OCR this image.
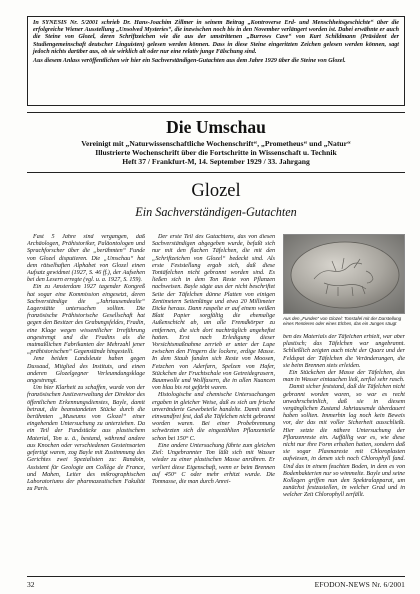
In SYNESIS Nr. 5/2001 schrieb Dr. Hans-Joachim Zillmer in seinem Beitrag „Kontroverse Erd- und Menschheitsgeschichte“ über die erfolgreiche Wiener Ausstellung „Unsolved Mysteries“, die inzwischen noch bis in den November verlängert worden ist. Dabei erwähnte er auch die Steine von Glozel, deren Schriftzeichen wie die aus der umstrittenen „Burrows Cave“ von Kurt Schildmann (Präsident der Studiengemeinschaft deutscher Linguisten) gelesen werden können. Dass in diese Steine eingeritzten Zeichen gelesen werden können, sagt jedoch nichts darüber aus, ob sie wirklich alt oder nur eine relativ junge Fälschung sind.

Aus diesem Anlass veröffentlichen wir hier ein Sachverständigen-Gutachten aus dem Jahre 1929 über die Steine von Glozel.

Die Umschau
Vereinigt mit „Naturwissenschaftliche Wochenschrift“, „Prometheus“ und „Natur“
Illustrierte Wochenschrift über die Fortschritte in Wissenschaft u. Technik
Heft 37 / Frankfurt-M, 14. September 1929 / 33. Jahrgang
Glozel
Ein Sachverständigen-Gutachten

Fast 5 Jahre sind vergangen, daß Archäologen, Prähistoriker, Paläontologen und Sprachforscher über die „berühmten“ Funde von Glozel disputieren. Die „Umschau“ hat dem rätselhaften Alphabet von Glozel einen Aufsatz gewidmet (1927, S. 46 ff.), der Aufsehen bei den Lesern erregte (vgl. u. a. 1927, S. 159).

Ein zu Amsterdam 1927 tagender Kongreß hat sogar eine Kommission eingesetzt, deren Sachverständige die „Jahrtausendealte“ Lagerstätte untersuchen sollten. Die französische Prähistorische Gesellschaft hat gegen den Besitzer des Grabungsfeldes, Fradin, eine Klage wegen wissentlicher Irreführung angestrengt und die Fradins als die mutmaßlichen Fabrikanten der Mehrzahl jener „prähistorischen“ Gegenstände hingestellt.

Jene beiden Landsleute haben gegen Dussaud, Mitglied des Instituts, und einen anderen Glozelgegner Verleumdungsklage angestrengt.

Um hier Klarheit zu schaffen, wurde von der französischen Justizverwaltung der Direktor des öffentlichen Erkennungsdienstes, Bayle, damit betraut, die beanstandeten Stücke durch die berühmten „Museums von Glozel“ einer eingehenden Untersuchung zu unterziehen. Da ein Teil der Fundstücke aus plastischem Material, Ton u. ä., bestand, während andere aus Knochen oder verschiedenen Gesteinsarten gefertigt waren, zog Bayle mit Zustimmung des Gerichtes zwei Spezialisten zu: Randoin, Assistent für Geologie am Collège de France, und Mahen, Leiter des mikrographischen Laboratoriums der pharmazeutischen Fakultät zu Paris.

Der erste Teil des Gutachtens, das von diesen Sachverständigen abgegeben wurde, befaßt sich nur mit den flachen Täfelchen, die mit den „Schriftzeichen von Glozel“ bedeckt sind. Als erste Feststellung ergab sich, daß diese Tontäfelchen nicht gebrannt worden sind. Es ließen sich in dem Ton Reste von Pflanzen nachweisen. Bayle sägte aus der nicht beschriftet Seite der Täfelchen dünne Platten von einigen Zentimetern Seitenlänge und etwa 20 Millimeter Dicke heraus. Dann raspelte er auf einem weißen Blatt Papier sorgfältig die ehemalige Außenschicht ab, um alle Fremdkörper zu entfernen, die sich dort nachträglich angeheftet hatten. Erst nach Erledigung dieser Vorsichtsmaßnahme zerrieb er unter der Lupe zwischen den Fingern die lockere, erdige Masse. In dem Staub fanden sich Reste von Moosen, Fetzchen von Aderfarn, Spelzen von Hafer, Stückchen der Fruchtschale von Getreidegrasern, Baumwolle und Wollfasern, die in allen Nuancen von blau bis rot gefärbt waren.

Histologische und chemische Untersuchungen ergaben in gleicher Weise, daß es sich um frische unveränderte Gewebeteile handelte. Damit stand einwandfrei fest, daß die Täfelchen nicht gebrannt worden waren. Bei einer Probebrennung schwärzten sich die eingezählten Pflanzenteile schon bei 150° C.

Eine andere Untersuchung führte zum gleichen Ziel: Ungebrannter Ton läßt sich mit Wasser wieder zu einer plastischen Masse anrühren. Er verliert diese Eigenschaft, wenn er beim Brennen auf 450° C oder mehr erhitzt wurde. Die Tonmasse, die man durch Anrei-

Aus den „Funden“ von Glozel: Tonstafel mit der Darstellung eines Rentieres oder eines Elches, das ein Junges säugt

ben des Materials der Täfelchen erhielt, war aber plastisch; das Täfelchen war ungebrannt. Schließlich zeigten auch nicht der Quarz und der Feldspat der Täfelchen die Veränderungen, die sie beim Brennen stets erleiden.

Ein Stückchen der Masse der Täfelchen, das man in Wasser eintauchen ließ, zerfiel sehr rasch.

Damit sicher feststand, daß die Täfelchen nicht gebrannt worden waren, so war es recht unwahrscheinlich, daß sie in diesem vergänglichen Zustand Jahrtausende überdauert haben sollten. Immerhin lag noch kein Beweis vor, der das mit voller Sicherheit ausschließt. Hier setzte die nähere Untersuchung der Pflanzenreste ein. Auffällig war es, wie diese nicht nur ihre Form erhalten hatten, sondern daß sie sogar Plasmareste mit Chloroplasten aufwiesen, in denen sich noch Chlorophyll fand. Und das in einem feuchten Boden, in dem es von Bodenbakterien nur so wimmelte. Bayle und seine Kollegen griffen nun den Spektralapparat, um zunächst festzustellen, in welcher Grad und in welcher Zeit Chlorophyll zerfällt.

32	EFODON-NEWS Nr. 6/2001
